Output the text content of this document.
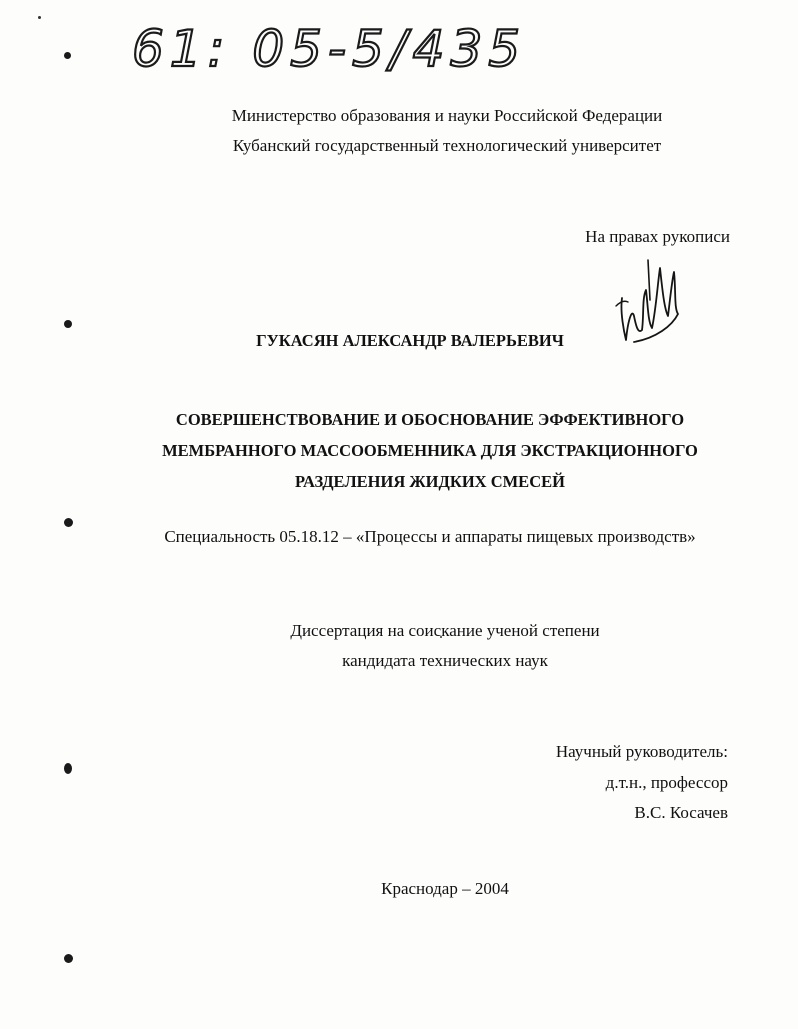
61: 05-5/435
Министерство образования и науки Российской Федерации
Кубанский государственный технологический университет
На правах рукописи
ГУКАСЯН АЛЕКСАНДР ВАЛЕРЬЕВИЧ
СОВЕРШЕНСТВОВАНИЕ И ОБОСНОВАНИЕ ЭФФЕКТИВНОГО
МЕМБРАННОГО МАССООБМЕННИКА ДЛЯ ЭКСТРАКЦИОННОГО
РАЗДЕЛЕНИЯ ЖИДКИХ СМЕСЕЙ
Специальность 05.18.12 – «Процессы и аппараты пищевых производств»
Диссертация на соискание ученой степени
кандидата технических наук
Научный руководитель:
д.т.н., профессор
В.С. Косачев
Краснодар – 2004
